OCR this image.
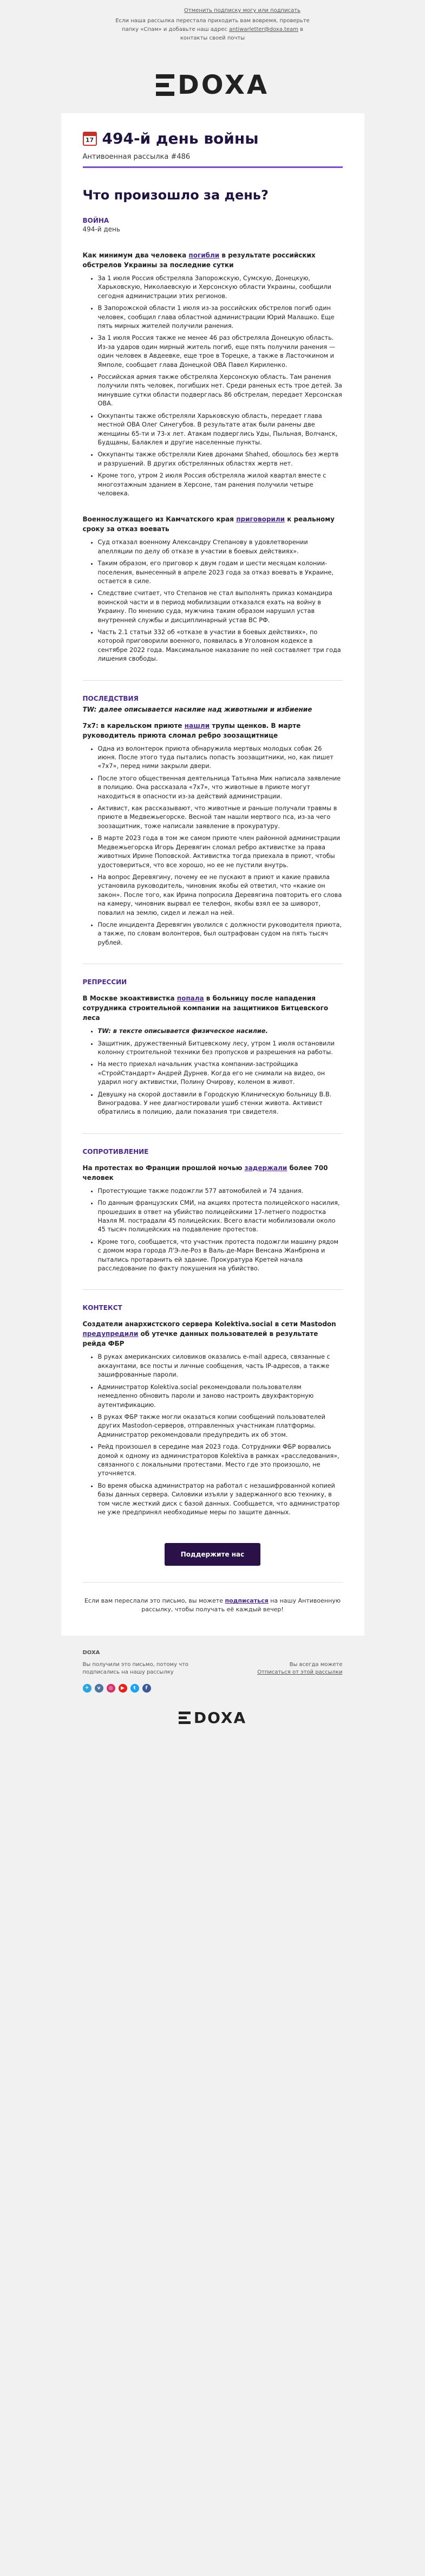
Отменить подписку могу или подписать
Если наша рассылка перестала приходить вам вовремя, проверьте папку «Спам» и добавьте наш адрес antiwarletter@doxa.team в контакты своей почты
DOXA
17 494-й день войны
Антивоенная рассылка #486
Что произошло за день?
ВОЙНА
494-й день
Как минимум два человека погибли в результате российских обстрелов Украины за последние сутки
• За 1 июля Россия обстреляла Запорожскую, Сумскую, Донецкую, Харьковскую, Николаевскую и Херсонскую области Украины, сообщили сегодня администрации этих регионов.
• В Запорожской области 1 июля из-за российских обстрелов погиб один человек, сообщил глава областной администрации Юрий Малашко. Еще пять мирных жителей получили ранения.
• За 1 июля Россия также не менее 46 раз обстреляла Донецкую область. Из-за ударов один мирный житель погиб, еще пять получили ранения — один человек в Авдеевке, еще трое в Торецке, а также в Ласточкином и Ямполе, сообщает глава Донецкой ОВА Павел Кириленко.
• Российская армия также обстреляла Херсонскую область. Там ранения получили пять человек, погибших нет. Среди раненых есть трое детей. За минувшие сутки области подверглась 86 обстрелам, передает Херсонская ОВА.
• Оккупанты также обстреляли Харьковскую область, передает глава местной ОВА Олег Синегубов. В результате атак были ранены две женщины 65-ти и 73-х лет. Атакам подверглись Уды, Пыльная, Волчанск, Будщаны, Балаклея и другие населенные пункты.
• Оккупанты также обстреляли Киев дронами Shahed, обошлось без жертв и разрушений. В других обстрелянных областях жертв нет.
• Кроме того, утром 2 июля Россия обстреляла жилой квартал вместе с многоэтажным зданием в Херсоне, там ранения получили четыре человека.
Военнослужащего из Камчатского края приговорили к реальному сроку за отказ воевать
• Суд отказал военному Александру Степанову в удовлетворении апелляции по делу об отказе в участии в боевых действиях».
• Таким образом, его приговор к двум годам и шести месяцам колонии-поселения, вынесенный в апреле 2023 года за отказ воевать в Украине, остается в силе.
• Следствие считает, что Степанов не стал выполнять приказ командира воинской части и в период мобилизации отказался ехать на войну в Украину. По мнению суда, мужчина таким образом нарушил устав внутренней службы и дисциплинарный устав ВС РФ.
• Часть 2.1 статьи 332 об «отказе в участии в боевых действиях», по которой приговорили военного, появилась в Уголовном кодексе в сентябре 2022 года. Максимальное наказание по ней составляет три года лишения свободы.
ПОСЛЕДСТВИЯ
TW: далее описывается насилие над животными и избиение
7х7: в карельском приюте нашли трупы щенков. В марте руководитель приюта сломал ребро зоозащитнице
• Одна из волонтерок приюта обнаружила мертвых молодых собак 26 июня. После этого туда пытались попасть зоозащитники, но, как пишет «7х7», перед ними закрыли двери.
• После этого общественная деятельница Татьяна Мик написала заявление в полицию. Она рассказала «7х7», что животные в приюте могут находиться в опасности из-за действий администрации.
• Активист, как рассказывают, что животные и раньше получали травмы в приюте в Медвежьегорске. Весной там нашли мертвого пса, из-за чего зоозащитник, тоже написали заявление в прокуратуру.
• В марте 2023 года в том же самом приюте член районной администрации Медвежьегорска Игорь Деревягин сломал ребро активистке за права животных Ирине Поповской. Активистка тогда приехала в приют, чтобы удостовериться, что все хорошо, но ее не пустили внутрь.
• На вопрос Деревягину, почему ее не пускают в приют и какие правила установила руководитель, чиновник якобы ей ответил, что «какие он закон». После того, как Ирина попросила Деревягина повторить его слова на камеру, чиновник вырвал ее телефон, якобы взял ее за шиворот, повалил на землю, сидел и лежал на ней.
• После инцидента Деревягин уволился с должности руководителя приюта, а также, по словам волонтеров, был оштрафован судом на пять тысяч рублей.
РЕПРЕССИИ
В Москве экоактивистка попала в больницу после нападения сотрудника строительной компании на защитников Битцевского леса
• TW: в тексте описывается физическое насилие.
• Защитник, дружественный Битцевскому лесу, утром 1 июля остановили колонну строительной техники без пропусков и разрешения на работы.
• На место приехал начальник участка компании-застройщика «СтройСтандарт» Андрей Дурнев. Когда его не снимали на видео, он ударил ногу активистки, Полину Очирову, коленом в живот.
• Девушку на скорой доставили в Городскую Клиническую больницу В.В. Виноградова. У нее диагностировали ушиб стенки живота. Активист обратились в полицию, дали показания три свидетеля.
СОПРОТИВЛЕНИЕ
На протестах во Франции прошлой ночью задержали более 700 человек
• Протестующие также подожгли 577 автомобилей и 74 здания.
• По данным французских СМИ, на акциях протеста полицейского насилия, прошедших в ответ на убийство полицейскими 17-летнего подростка Наэля М. пострадали 45 полицейских. Всего власти мобилизовали около 45 тысяч полицейских на подавление протестов.
• Кроме того, сообщается, что участник протеста подожгли машину рядом с домом мэра города Л'Э-ле-Роз в Валь-де-Марн Венсана Жанбрюна и пытались протаранить ей здание. Прокуратура Кретей начала расследование по факту покушения на убийство.
КОНТЕКСТ
Создатели анархистского сервера Kolektiva.social в сети Mastodon предупредили об утечке данных пользователей в результате рейда ФБР
• В руках американских силовиков оказались e-mail адреса, связанные с аккаунтами, все посты и личные сообщения, часть IP-адресов, а также зашифрованные пароли.
• Администратор Kolektiva.social рекомендовали пользователям немедленно обновить пароли и заново настроить двухфакторную аутентификацию.
• В руках ФБР также могли оказаться копии сообщений пользователей других Mastodon-серверов, отправленных участникам платформы. Администратор рекомендовали предупредить их об этом.
• Рейд произошел в середине мая 2023 года. Сотрудники ФБР ворвались домой к одному из администраторов Kolektiva в рамках «расследования», связанного с локальными протестами. Место где это произошло, не уточняется.
• Во время обыска администратор на работал с незашифрованной копией базы данных сервера. Силовики изъяли у задержанного всю технику, в том числе жесткий диск с базой данных. Сообщается, что администратор не уже предпринял необходимые меры по защите данных.
Поддержите нас
Если вам переслали это письмо, вы можете подписаться на нашу Антивоенную рассылку, чтобы получать её каждый вечер!
DOXA
Вы получили это письмо, потому что подписались на нашу рассылку
Вы всегда можете
Отписаться от этой рассылки
✈	v	◎	▶	t	f
DOXA
